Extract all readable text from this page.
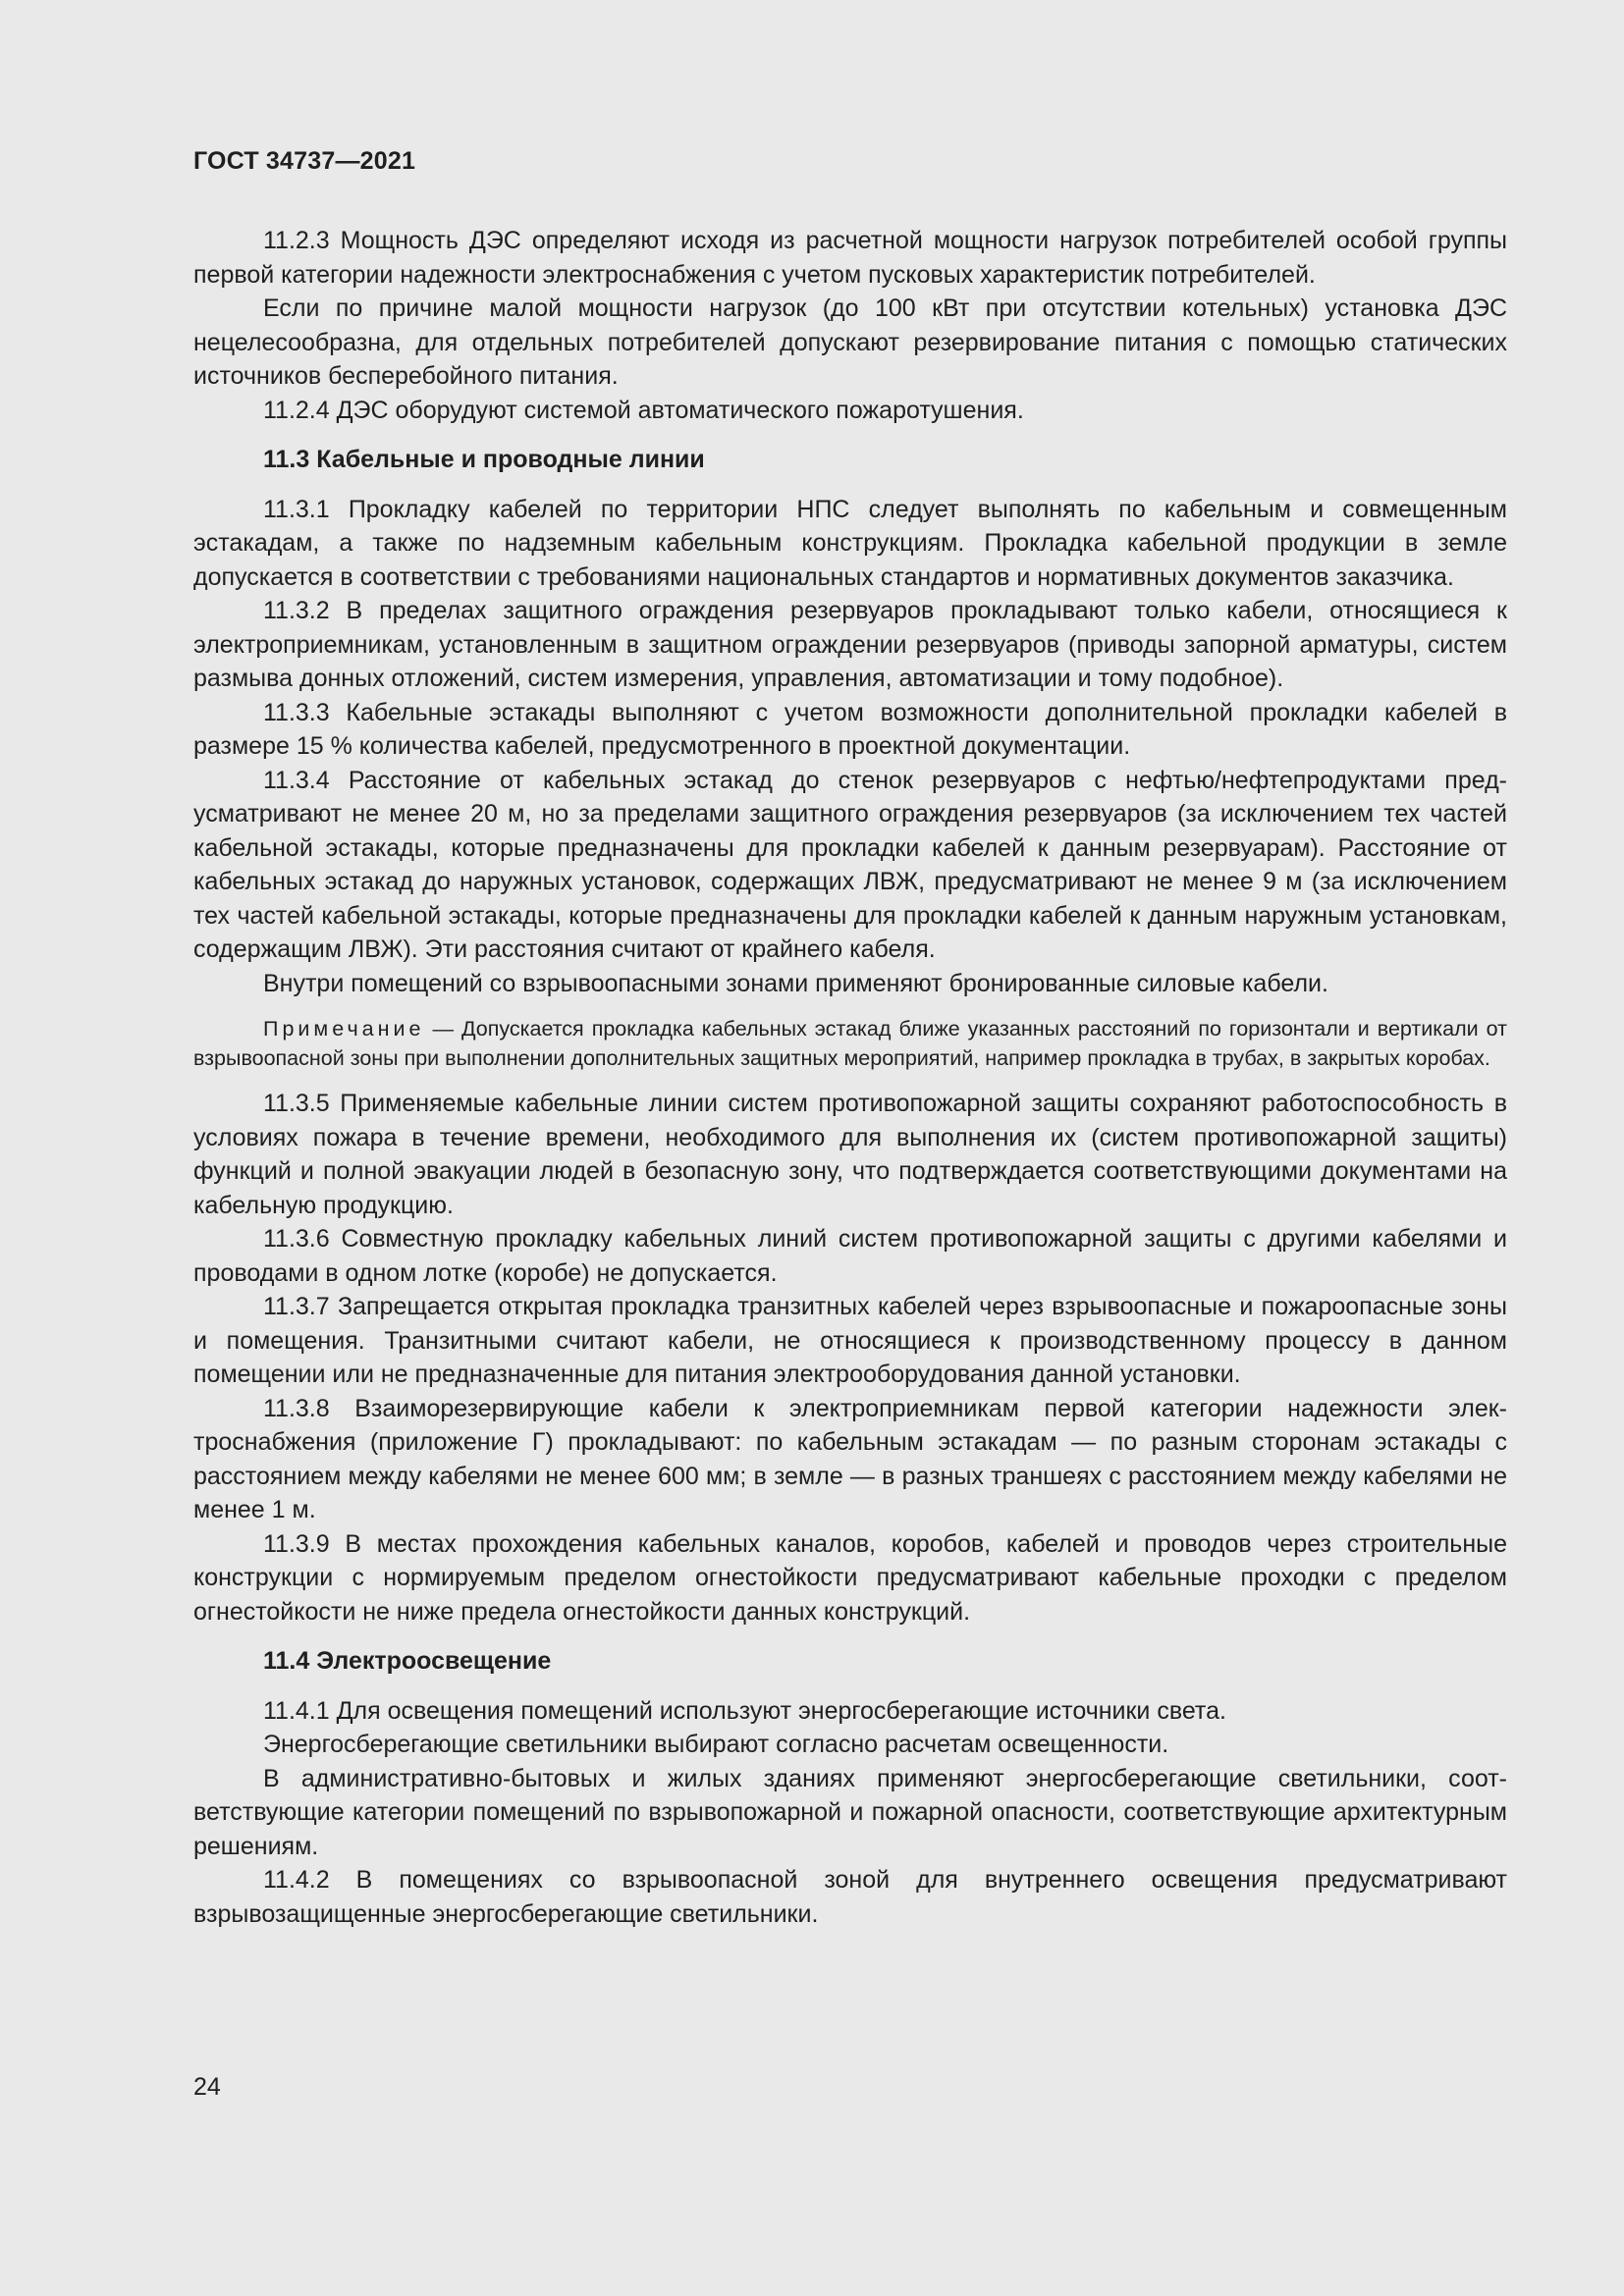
ГОСТ 34737—2021

11.2.3 Мощность ДЭС определяют исходя из расчетной мощности нагрузок потребителей особой группы первой категории надежности электроснабжения с учетом пусковых характеристик потребителей.

Если по причине малой мощности нагрузок (до 100 кВт при отсутствии котельных) установка ДЭС нецелесообразна, для отдельных потребителей допускают резервирование питания с помощью статических источников бесперебойного питания.

11.2.4 ДЭС оборудуют системой автоматического пожаротушения.

11.3 Кабельные и проводные линии

11.3.1 Прокладку кабелей по территории НПС следует выполнять по кабельным и совмещенным эстакадам, а также по надземным кабельным конструкциям. Прокладка кабельной продукции в земле допускается в соответствии с требованиями национальных стандартов и нормативных документов заказчика.

11.3.2 В пределах защитного ограждения резервуаров прокладывают только кабели, относящиеся к электроприемникам, установленным в защитном ограждении резервуаров (приводы запорной арматуры, систем размыва донных отложений, систем измерения, управления, автоматизации и тому подобное).

11.3.3 Кабельные эстакады выполняют с учетом возможности дополнительной прокладки кабелей в размере 15 % количества кабелей, предусмотренного в проектной документации.

11.3.4 Расстояние от кабельных эстакад до стенок резервуаров с нефтью/нефтепродуктами предусматривают не менее 20 м, но за пределами защитного ограждения резервуаров (за исключением тех частей кабельной эстакады, которые предназначены для прокладки кабелей к данным резервуарам). Расстояние от кабельных эстакад до наружных установок, содержащих ЛВЖ, предусматривают не менее 9 м (за исключением тех частей кабельной эстакады, которые предназначены для прокладки кабелей к данным наружным установкам, содержащим ЛВЖ). Эти расстояния считают от крайнего кабеля.

Внутри помещений со взрывоопасными зонами применяют бронированные силовые кабели.

Примечание — Допускается прокладка кабельных эстакад ближе указанных расстояний по горизонтали и вертикали от взрывоопасной зоны при выполнении дополнительных защитных мероприятий, например прокладка в трубах, в закрытых коробах.

11.3.5 Применяемые кабельные линии систем противопожарной защиты сохраняют работоспособность в условиях пожара в течение времени, необходимого для выполнения их (систем противопожарной защиты) функций и полной эвакуации людей в безопасную зону, что подтверждается соответствующими документами на кабельную продукцию.

11.3.6 Совместную прокладку кабельных линий систем противопожарной защиты с другими кабелями и проводами в одном лотке (коробе) не допускается.

11.3.7 Запрещается открытая прокладка транзитных кабелей через взрывоопасные и пожароопасные зоны и помещения. Транзитными считают кабели, не относящиеся к производственному процессу в данном помещении или не предназначенные для питания электрооборудования данной установки.

11.3.8 Взаиморезервирующие кабели к электроприемникам первой категории надежности электроснабжения (приложение Г) прокладывают: по кабельным эстакадам — по разным сторонам эстакады с расстоянием между кабелями не менее 600 мм; в земле — в разных траншеях с расстоянием между кабелями не менее 1 м.

11.3.9 В местах прохождения кабельных каналов, коробов, кабелей и проводов через строительные конструкции с нормируемым пределом огнестойкости предусматривают кабельные проходки с пределом огнестойкости не ниже предела огнестойкости данных конструкций.

11.4 Электроосвещение

11.4.1 Для освещения помещений используют энергосберегающие источники света.

Энергосберегающие светильники выбирают согласно расчетам освещенности.

В административно-бытовых и жилых зданиях применяют энергосберегающие светильники, соответствующие категории помещений по взрывопожарной и пожарной опасности, соответствующие архитектурным решениям.

11.4.2 В помещениях со взрывоопасной зоной для внутреннего освещения предусматривают взрывозащищенные энергосберегающие светильники.

24
